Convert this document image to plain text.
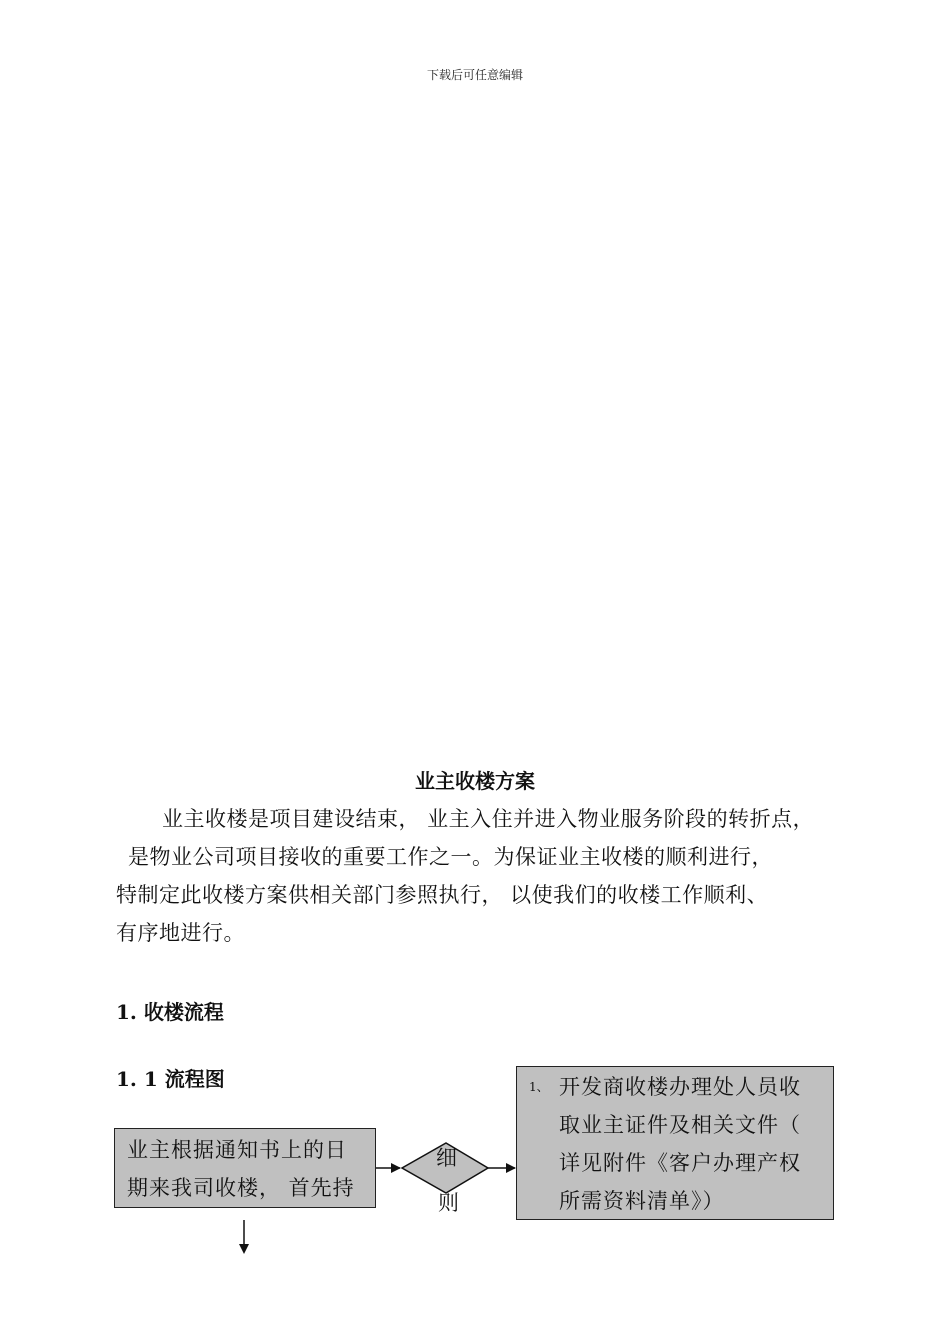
下载后可任意编辑
业主收楼方案
业主收楼是项目建设结束， 业主入住并进入物业服务阶段的转折点，
是物业公司项目接收的重要工作之一。为保证业主收楼的顺利进行，
特制定此收楼方案供相关部门参照执行， 以使我们的收楼工作顺利、
有序地进行。
1. 收楼流程
1. 1 流程图
业主根据通知书上的日
期来我司收楼， 首先持
细
则
1、 开发商收楼办理处人员收
取业主证件及相关文件（
详见附件《客户办理产权
所需资料清单》）
